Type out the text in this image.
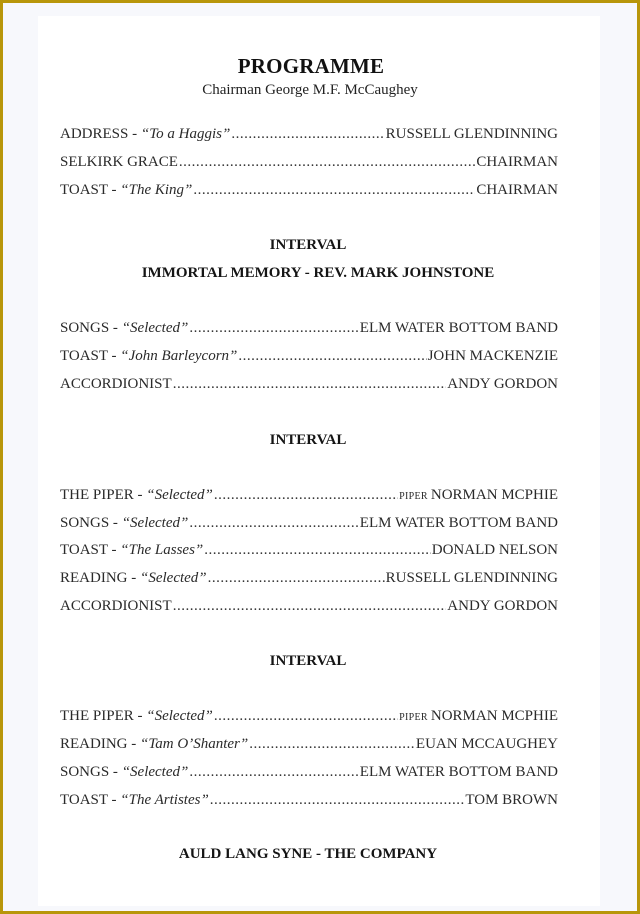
PROGRAMME
Chairman George M.F. McCaughey
ADDRESS - “To a Haggis” .....	RUSSELL GLENDINNING
SELKIRK GRACE .....	CHAIRMAN
TOAST - “The King” .....	CHAIRMAN
INTERVAL
IMMORTAL MEMORY - REV. MARK JOHNSTONE
SONGS - “Selected” .....	ELM WATER BOTTOM BAND
TOAST - “John Barleycorn” .....	JOHN MACKENZIE
ACCORDIONIST .....	ANDY GORDON
INTERVAL
THE PIPER - “Selected” .....	PIPER NORMAN MCPHIE
SONGS - “Selected” .....	ELM WATER BOTTOM BAND
TOAST - “The Lasses” .....	DONALD NELSON
READING - “Selected” .....	RUSSELL GLENDINNING
ACCORDIONIST .....	ANDY GORDON
INTERVAL
THE PIPER - “Selected” .....	PIPER NORMAN MCPHIE
READING - “Tam O’Shanter” .....	EUAN MCCAUGHEY
SONGS - “Selected” .....	ELM WATER BOTTOM BAND
TOAST - “The Artistes” .....	TOM BROWN
AULD LANG SYNE - THE COMPANY
